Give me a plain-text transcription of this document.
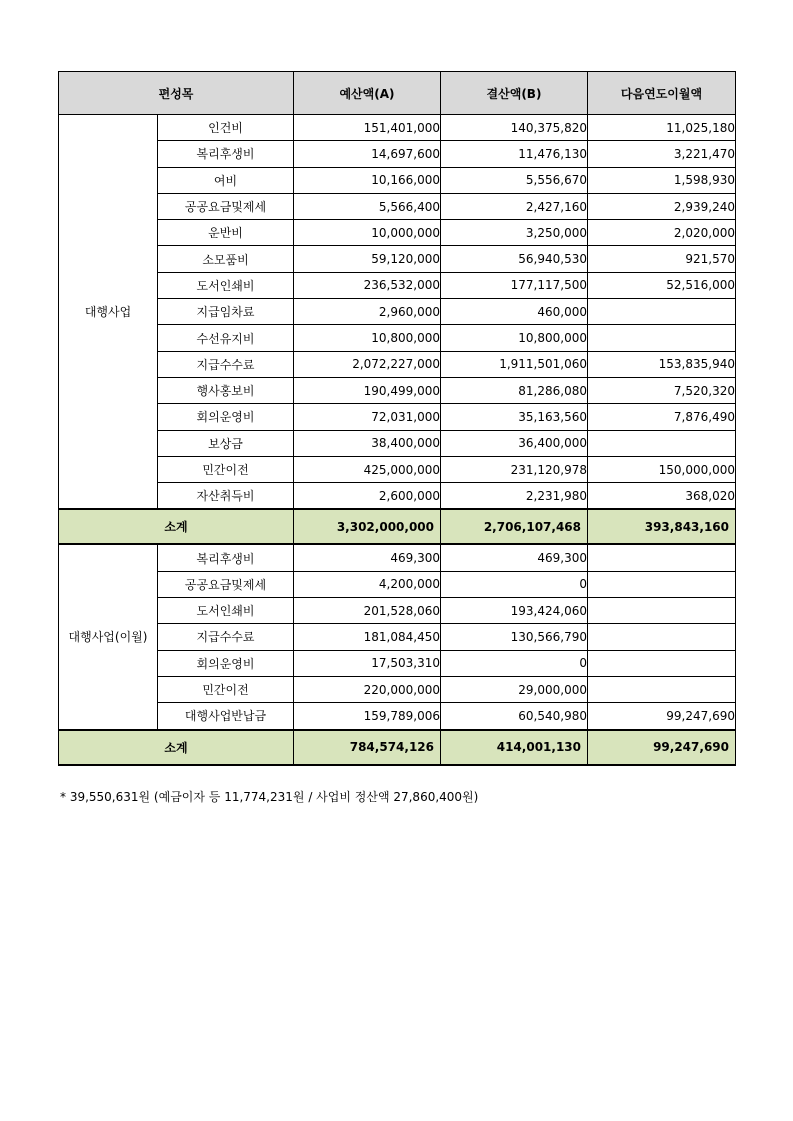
편성목		예산액(A)	결산액(B)	다음연도이월액
대행사업	인건비	151,401,000	140,375,820	11,025,180
	복리후생비	14,697,600	11,476,130	3,221,470
	여비	10,166,000	5,556,670	1,598,930
	공공요금및제세	5,566,400	2,427,160	2,939,240
	운반비	10,000,000	3,250,000	2,020,000
	소모품비	59,120,000	56,940,530	921,570
	도서인쇄비	236,532,000	177,117,500	52,516,000
	지급임차료	2,960,000	460,000	
	수선유지비	10,800,000	10,800,000	
	지급수수료	2,072,227,000	1,911,501,060	153,835,940
	행사홍보비	190,499,000	81,286,080	7,520,320
	회의운영비	72,031,000	35,163,560	7,876,490
	보상금	38,400,000	36,400,000	
	민간이전	425,000,000	231,120,978	150,000,000
	자산취득비	2,600,000	2,231,980	368,020
소계		3,302,000,000	2,706,107,468	393,843,160
대행사업(이월)	복리후생비	469,300	469,300	
	공공요금및제세	4,200,000	0	
	도서인쇄비	201,528,060	193,424,060	
	지급수수료	181,084,450	130,566,790	
	회의운영비	17,503,310	0	
	민간이전	220,000,000	29,000,000	
	대행사업반납금	159,789,006	60,540,980	99,247,690
소계		784,574,126	414,001,130	99,247,690
* 39,550,631원 (예금이자 등 11,774,231원 / 사업비 정산액 27,860,400원)
